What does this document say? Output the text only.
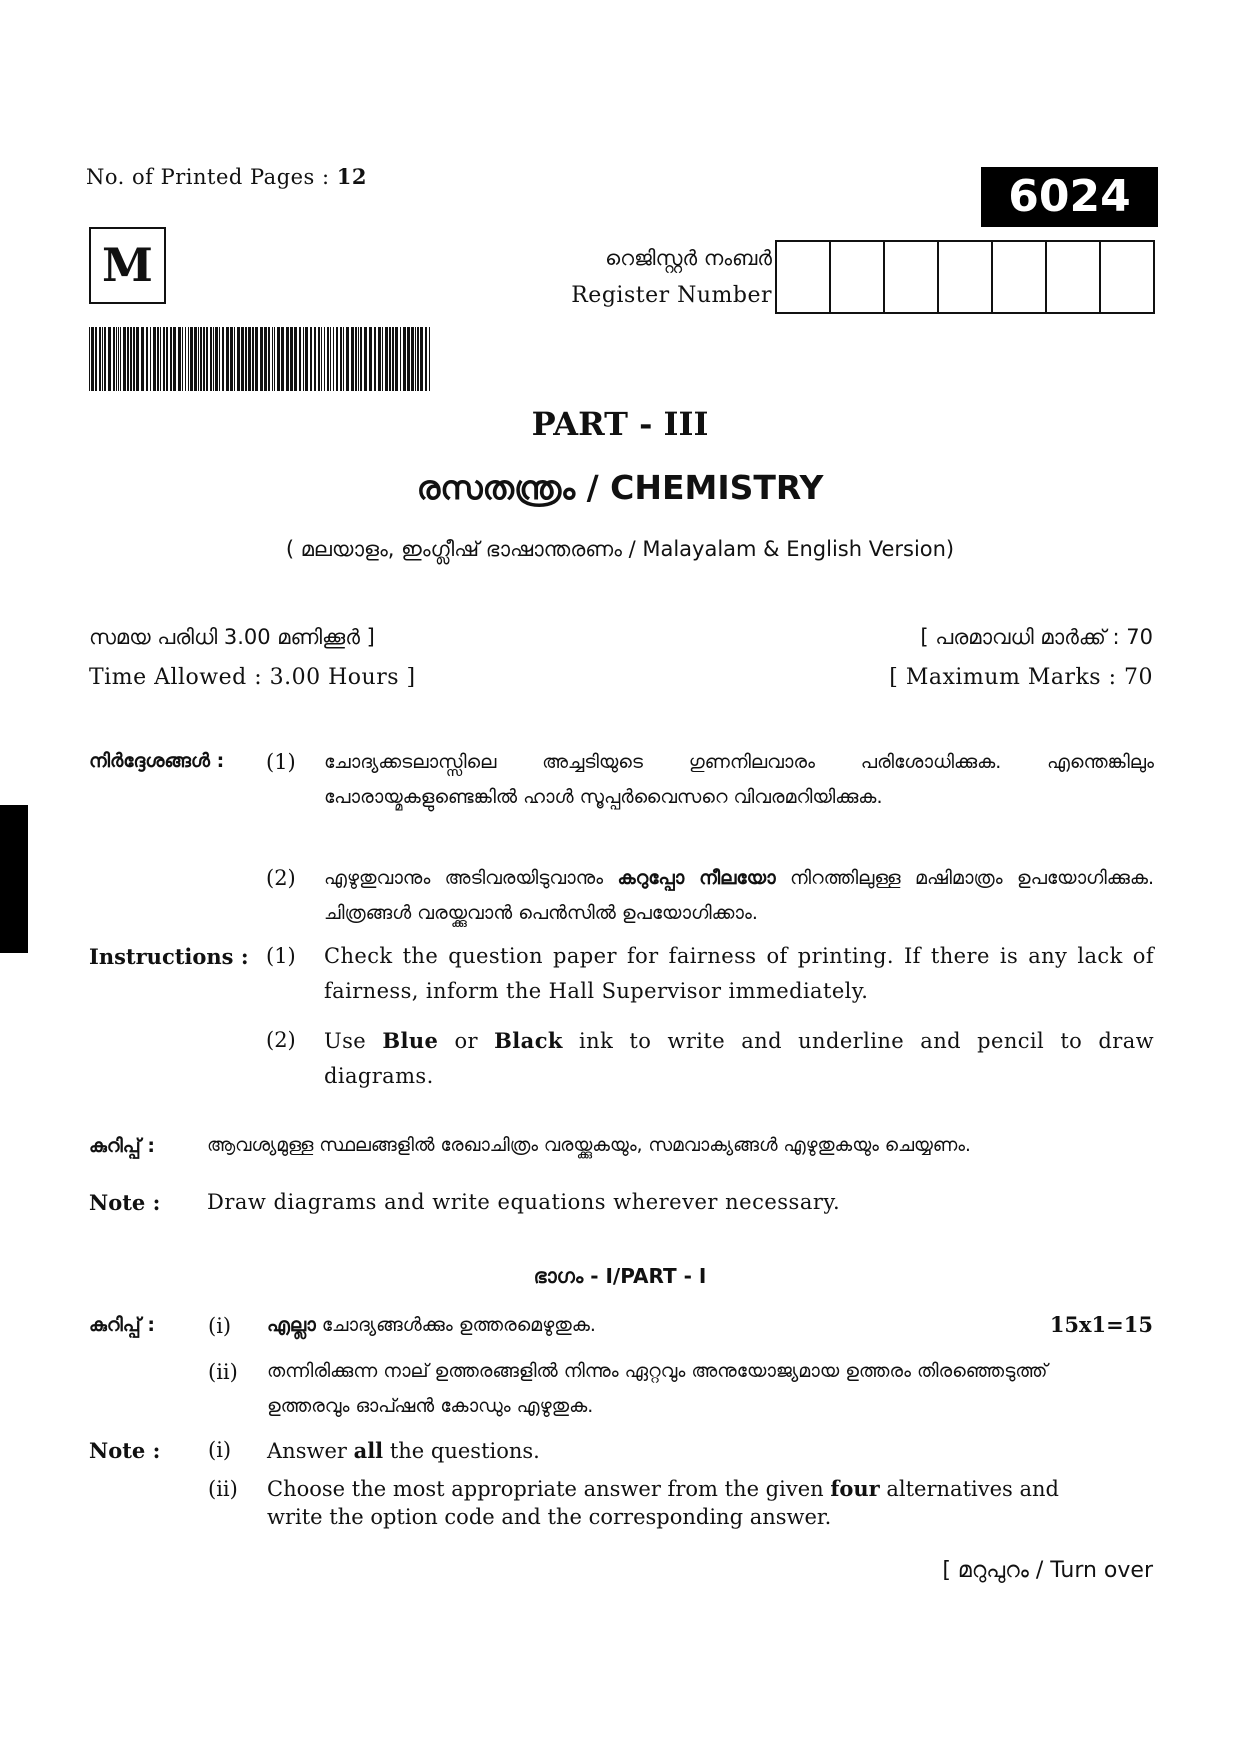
No. of Printed Pages : 12	6024
M	റെജിസ്റ്റർ നംബർ
Register Number
PART - III
രസതന്ത്രം / CHEMISTRY
( മലയാളം, ഇംഗ്ലീഷ് ഭാഷാന്തരണം / Malayalam & English Version)
സമയ പരിധി 3.00 മണിക്കൂർ ]
Time Allowed : 3.00 Hours ]
[ പരമാവധി മാർക്ക് : 70
[ Maximum Marks : 70
നിർദ്ദേശങ്ങൾ : (1) ചോദ്യക്കടലാസ്സിലെ അച്ചടിയുടെ ഗുണനിലവാരം പരിശോധിക്കുക. എന്തെങ്കിലും പോരായ്മകളുണ്ടെങ്കിൽ ഹാൾ സൂപ്പർവൈസറെ വിവരമറിയിക്കുക.
(2) എഴുതുവാനും അടിവരയിടുവാനും കറുപ്പോ നീലയോ നിറത്തിലുള്ള മഷിമാത്രം ഉപയോഗിക്കുക. ചിത്രങ്ങൾ വരയ്ക്കുവാൻ പെൻസിൽ ഉപയോഗിക്കാം.
Instructions : (1) Check the question paper for fairness of printing. If there is any lack of fairness, inform the Hall Supervisor immediately.
(2) Use Blue or Black ink to write and underline and pencil to draw diagrams.
കുറിപ്പ് :	ആവശ്യമുള്ള സ്ഥലങ്ങളിൽ രേഖാചിത്രം വരയ്ക്കുകയും, സമവാക്യങ്ങൾ എഴുതുകയും ചെയ്യണം.
Note : Draw diagrams and write equations wherever necessary.
ഭാഗം - I/PART - I
കുറിപ്പ് :	(i) എല്ലാ ചോദ്യങ്ങൾക്കും ഉത്തരമെഴുതുക.	15x1=15
(ii) തന്നിരിക്കുന്ന നാല് ഉത്തരങ്ങളിൽ നിന്നും ഏറ്റവും അനുയോജ്യമായ ഉത്തരം തിരഞ്ഞെടുത്ത് ഉത്തരവും ഓപ്ഷൻ കോഡും എഴുതുക.
Note : (i) Answer all the questions.
(ii) Choose the most appropriate answer from the given four alternatives and write the option code and the corresponding answer.
[ മറുപുറം / Turn over
